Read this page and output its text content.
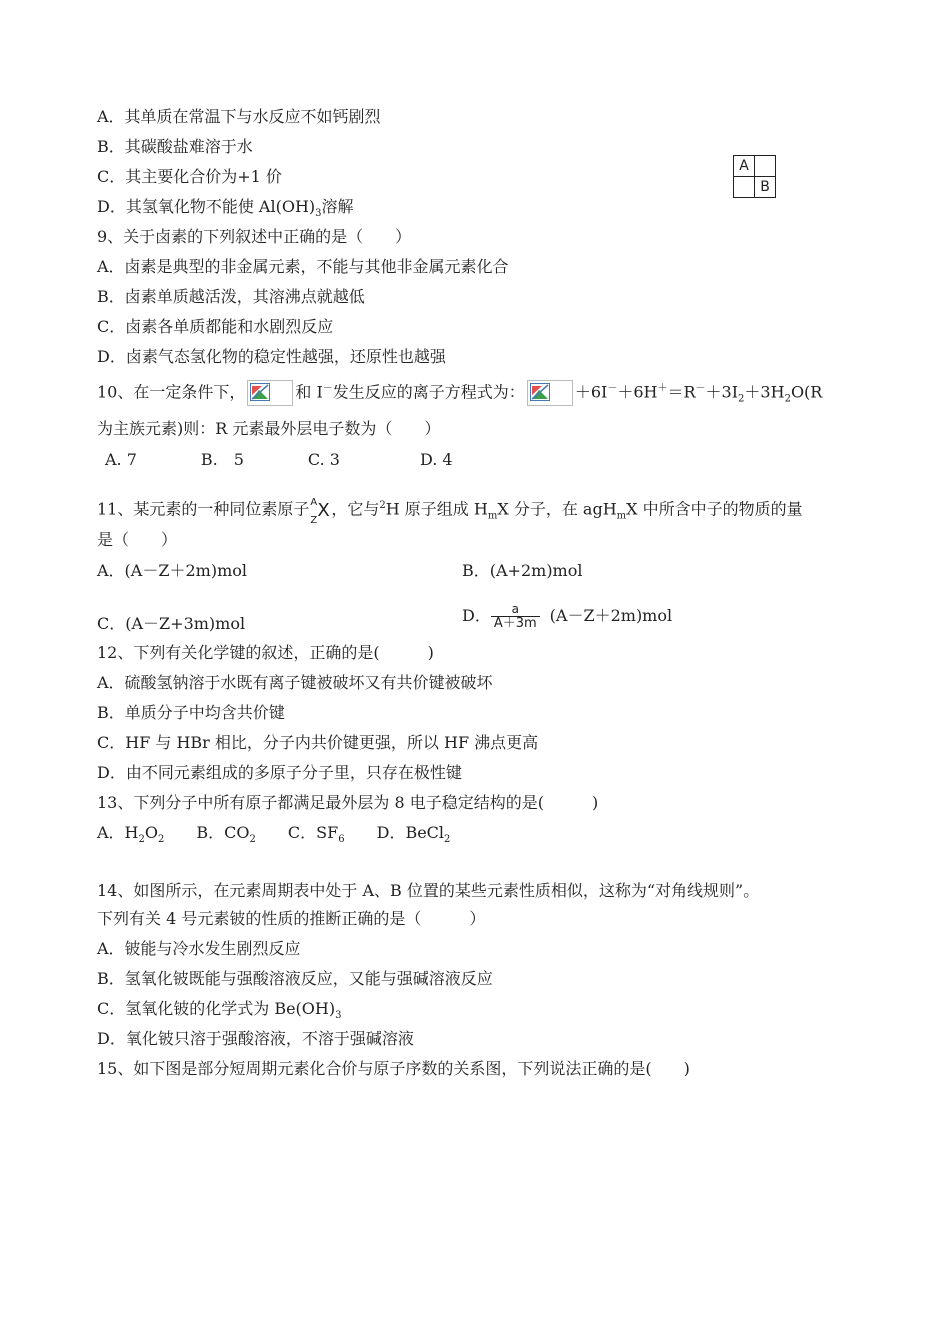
A．其单质在常温下与水反应不如钙剧烈
B．其碳酸盐难溶于水
C．其主要化合价为+1 价
D．其氢氧化物不能使 $Al(OH)_3$溶解
A	
	B
9、关于卤素的下列叙述中正确的是（　　）
A．卤素是典型的非金属元素，不能与其他非金属元素化合
B．卤素单质越活泼，其溶沸点就越低
C．卤素各单质都能和水剧烈反应
D．卤素气态氢化物的稳定性越强，还原性也越强
10、在一定条件下，	和 I－发生反应的离子方程式为：	$+6I^-+6H^+=R^-+3I_2+3H_2O(R$
为主族元素)则：R 元素最外层电子数为（　　）
A. 7　　　　B.　5　　　　C. 3　　　　　D. 4
11、某元素的一种同位素原子 A
Z X ，它与$^2$H 原子组成 $H_mX$ 分子，在 agH$_m$X 中所含中子的物质的量
是（　　）
A．(A－Z＋2m)mol	B．(A+2m)mol
C．(A－Z+3m)mol	D． $\frac{a}{A+3m} (A-Z+2m)mol$
12、下列有关化学键的叙述，正确的是(　　　)
A．硫酸氢钠溶于水既有离子键被破坏又有共价键被破坏
B．单质分子中均含共价键
C．HF 与 HBr 相比，分子内共价键更强，所以 HF 沸点更高
D．由不同元素组成的多原子分子里，只存在极性键
13、下列分子中所有原子都满足最外层为 8 电子稳定结构的是(　　　)
A．$H_2O_2$　　 B．$CO_2$　　 C．$SF_6$　　 D．BeCl$_2$
14、如图所示，在元素周期表中处于 A、B 位置的某些元素性质相似，这称为“对角线规则”。
下列有关 4 号元素铍的性质的推断正确的是（　　　）
A．铍能与冷水发生剧烈反应
B．氢氧化铍既能与强酸溶液反应，又能与强碱溶液反应
C．氢氧化铍的化学式为 $Be(OH)_3$
D．氧化铍只溶于强酸溶液，不溶于强碱溶液
15、如下图是部分短周期元素化合价与原子序数的关系图，下列说法正确的是(　　)
